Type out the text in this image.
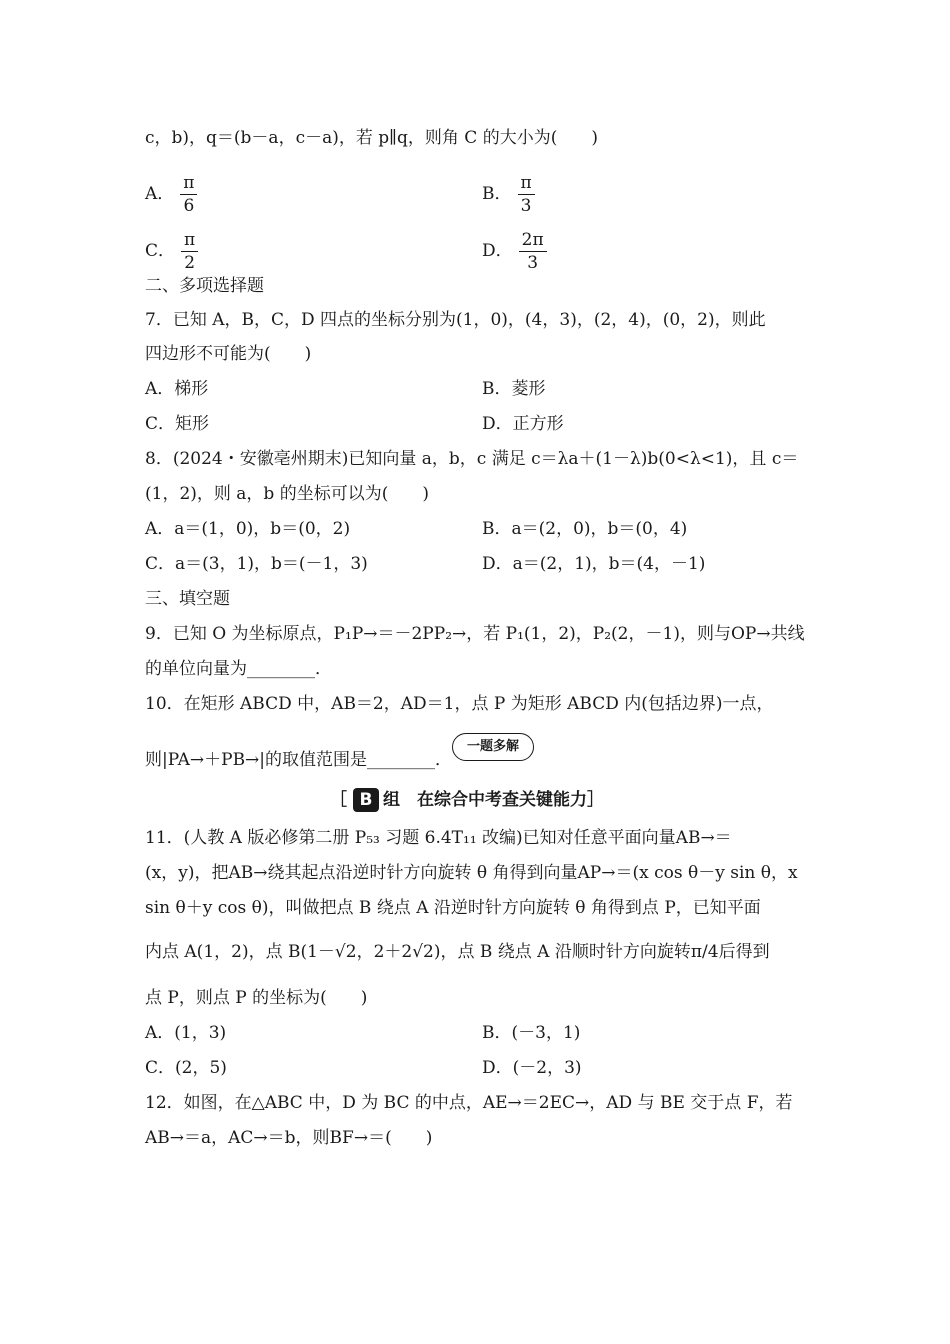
c，b)，q＝(b－a，c－a)，若 p∥q，则角 C 的大小为(　　)
A． $\frac{\pi}{6}$	B． $\frac{\pi}{3}$
C． $\frac{\pi}{2}$	D． $\frac{2\pi}{3}$
二、多项选择题
7．已知 A，B，C，D 四点的坐标分别为(1，0)，(4，3)，(2，4)，(0，2)，则此
四边形不可能为(　　)
A．梯形	B．菱形
C．矩形	D．正方形
8．(2024・安徽亳州期末)已知向量 a，b，c 满足 c＝λa＋(1－λ)b(0<λ<1)，且 c＝
(1，2)，则 a，b 的坐标可以为(　　)
A．a＝(1，0)，b＝(0，2)	B．a＝(2，0)，b＝(0，4)
C．a＝(3，1)，b＝(－1，3)	D．a＝(2，1)，b＝(4，－1)
三、填空题
9．已知 O 为坐标原点，P₁P→＝－2PP₂→，若 P₁(1，2)，P₂(2，－1)，则与OP→共线
的单位向量为________．
10．在矩形 ABCD 中，AB＝2，AD＝1，点 P 为矩形 ABCD 内(包括边界)一点，
则|PA→＋PB→|的取值范围是________．
一题多解
［ B 组　在综合中考查关键能力］
11．(人教 A 版必修第二册 P₅₃ 习题 6.4T₁₁ 改编)已知对任意平面向量AB→＝
(x，y)，把AB→绕其起点沿逆时针方向旋转 θ 角得到向量AP→＝(x cos θ－y sin θ，x
sin θ＋y cos θ)，叫做把点 B 绕点 A 沿逆时针方向旋转 θ 角得到点 P，已知平面
内点 A(1，2)，点 B(1－√2，2＋2√2)，点 B 绕点 A 沿顺时针方向旋转π/4后得到
点 P，则点 P 的坐标为(　　)
A．(1，3)	B．(－3，1)
C．(2，5)	D．(－2，3)
12．如图，在△ABC 中，D 为 BC 的中点，AE→＝2EC→，AD 与 BE 交于点 F，若
AB→＝a，AC→＝b，则BF→＝(　　)
